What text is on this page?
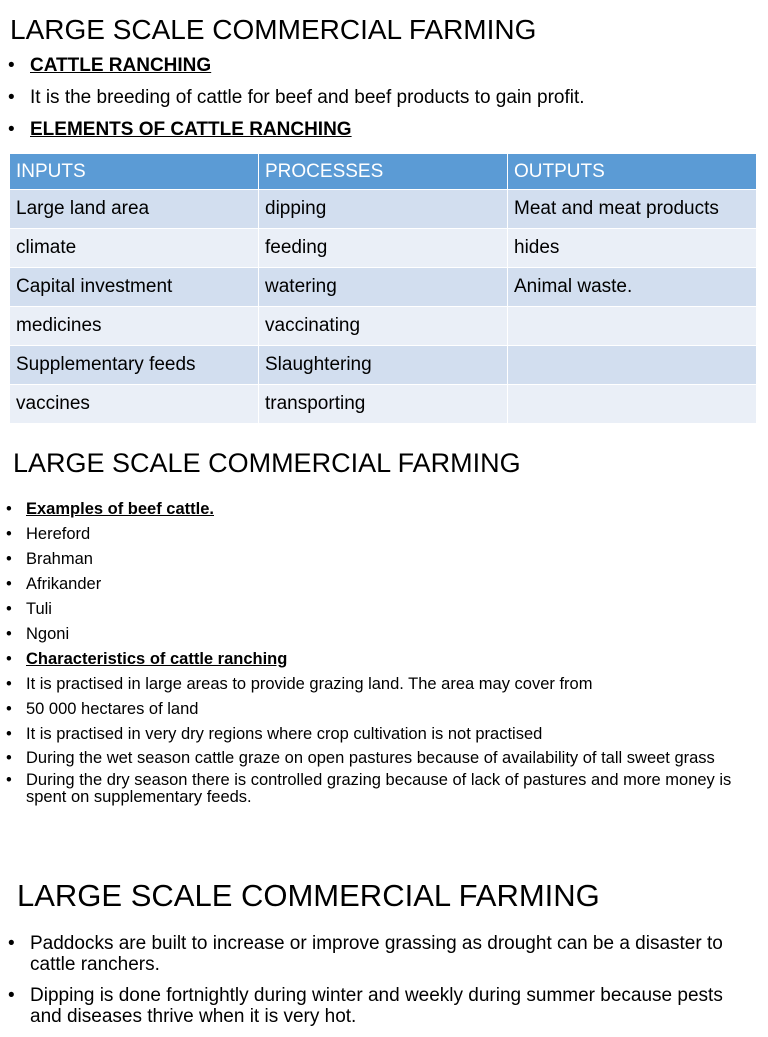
LARGE SCALE COMMERCIAL FARMING
• CATTLE RANCHING
• It is the breeding of cattle for beef and beef products to gain profit.
• ELEMENTS OF CATTLE RANCHING
INPUTS	PROCESSES	OUTPUTS
Large land area	dipping	Meat and meat products
climate	feeding	hides
Capital investment	watering	Animal waste.
medicines	vaccinating	
Supplementary feeds	Slaughtering	
vaccines	transporting	
LARGE SCALE COMMERCIAL FARMING
• Examples of beef cattle.
• Hereford
• Brahman
• Afrikander
• Tuli
• Ngoni
• Characteristics of cattle ranching
• It is practised in large areas to provide grazing land. The area may cover from
• 50 000 hectares of land
• It is practised in very dry regions where crop cultivation is not practised
• During the wet season cattle graze on open pastures because of availability of tall sweet grass
• During the dry season there is controlled grazing because of lack of pastures and more money is spent on supplementary feeds.
LARGE SCALE COMMERCIAL FARMING
• Paddocks are built to increase or improve grassing as drought can be a disaster to cattle ranchers.
• Dipping is done fortnightly during winter and weekly during summer because pests and diseases thrive when it is very hot.
